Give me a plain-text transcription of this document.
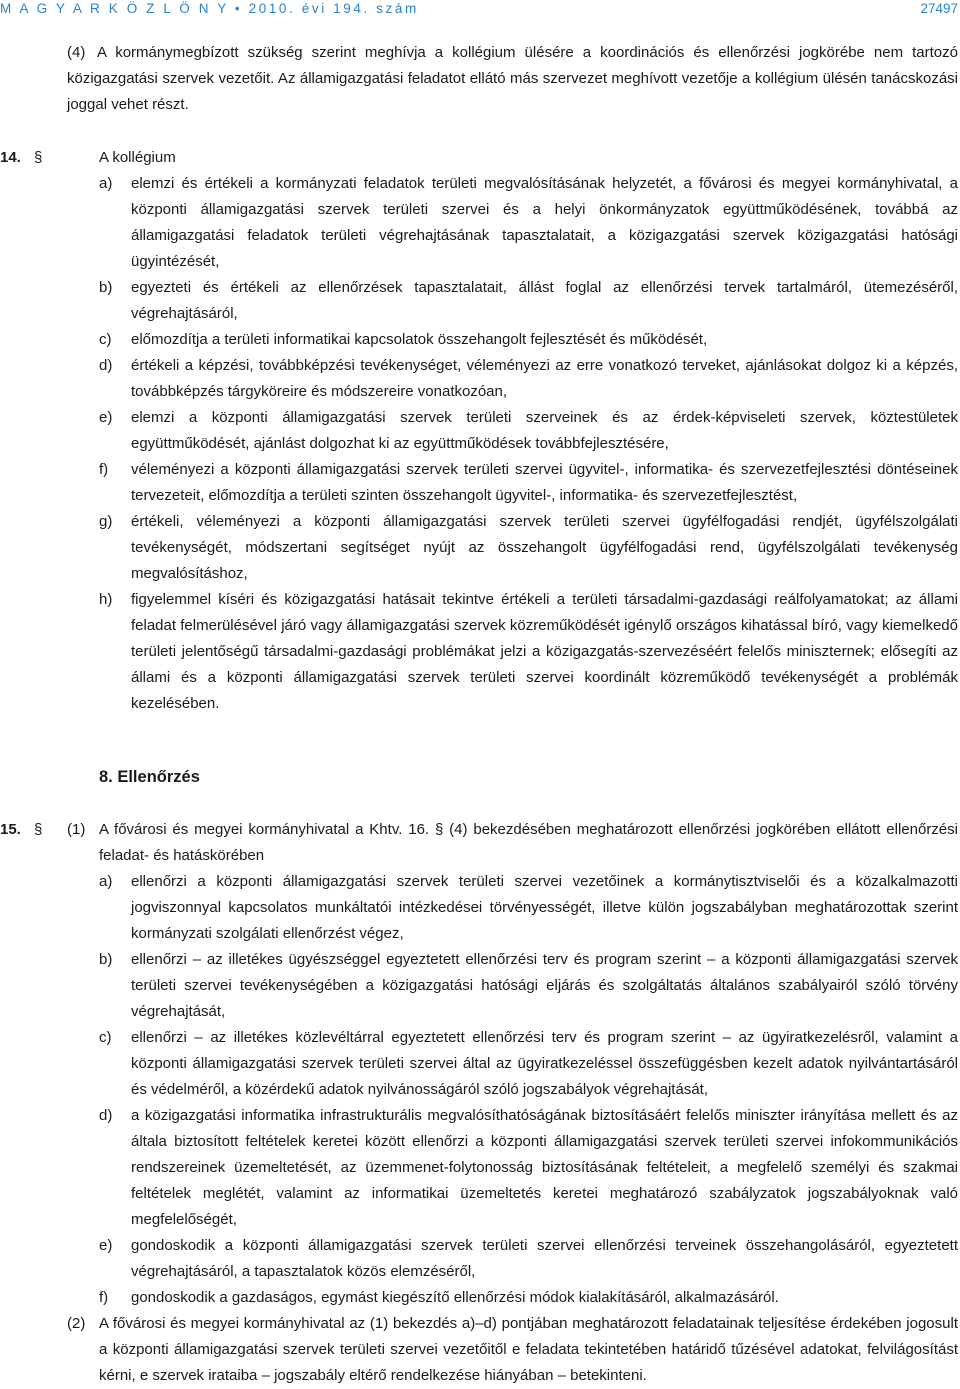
M A G Y A R K Ö Z L Ö N Y • 2010. évi 194. szám	27497
(4) A kormánymegbízott szükség szerint meghívja a kollégium ülésére a koordinációs és ellenőrzési jogkörébe nem tartozó közigazgatási szervek vezetőit. Az államigazgatási feladatot ellátó más szervezet meghívott vezetője a kollégium ülésén tanácskozási joggal vehet részt.
14. §	A kollégium
a) elemzi és értékeli a kormányzati feladatok területi megvalósításának helyzetét, a fővárosi és megyei kormányhivatal, a központi államigazgatási szervek területi szervei és a helyi önkormányzatok együttműködésének, továbbá az államigazgatási feladatok területi végrehajtásának tapasztalatait, a közigazgatási szervek közigazgatási hatósági ügyintézését,
b) egyezteti és értékeli az ellenőrzések tapasztalatait, állást foglal az ellenőrzési tervek tartalmáról, ütemezéséről, végrehajtásáról,
c) előmozdítja a területi informatikai kapcsolatok összehangolt fejlesztését és működését,
d) értékeli a képzési, továbbképzési tevékenységet, véleményezi az erre vonatkozó terveket, ajánlásokat dolgoz ki a képzés, továbbképzés tárgyköreire és módszereire vonatkozóan,
e) elemzi a központi államigazgatási szervek területi szerveinek és az érdek-képviseleti szervek, köztestületek együttműködését, ajánlást dolgozhat ki az együttműködések továbbfejlesztésére,
f) véleményezi a központi államigazgatási szervek területi szervei ügyvitel-, informatika- és szervezetfejlesztési döntéseinek tervezeteit, előmozdítja a területi szinten összehangolt ügyvitel-, informatika- és szervezetfejlesztést,
g) értékeli, véleményezi a központi államigazgatási szervek területi szervei ügyfélfogadási rendjét, ügyfélszolgálati tevékenységét, módszertani segítséget nyújt az összehangolt ügyfélfogadási rend, ügyfélszolgálati tevékenység megvalósításhoz,
h) figyelemmel kíséri és közigazgatási hatásait tekintve értékeli a területi társadalmi-gazdasági reálfolyamatokat; az állami feladat felmerülésével járó vagy államigazgatási szervek közreműködését igénylő országos kihatással bíró, vagy kiemelkedő területi jelentőségű társadalmi-gazdasági problémákat jelzi a közigazgatás-szervezéséért felelős miniszternek; elősegíti az állami és a központi államigazgatási szervek területi szervei koordinált közreműködő tevékenységét a problémák kezelésében.
8. Ellenőrzés
15. § (1) A fővárosi és megyei kormányhivatal a Khtv. 16. § (4) bekezdésében meghatározott ellenőrzési jogkörében ellátott ellenőrzési feladat- és hatáskörében
a) ellenőrzi a központi államigazgatási szervek területi szervei vezetőinek a kormánytisztviselői és a közalkalmazotti jogviszonnyal kapcsolatos munkáltatói intézkedései törvényességét, illetve külön jogszabályban meghatározottak szerint kormányzati szolgálati ellenőrzést végez,
b) ellenőrzi – az illetékes ügyészséggel egyeztetett ellenőrzési terv és program szerint – a központi államigazgatási szervek területi szervei tevékenységében a közigazgatási hatósági eljárás és szolgáltatás általános szabályairól szóló törvény végrehajtását,
c) ellenőrzi – az illetékes közlevéltárral egyeztetett ellenőrzési terv és program szerint – az ügyiratkezelésről, valamint a központi államigazgatási szervek területi szervei által az ügyiratkezeléssel összefüggésben kezelt adatok nyilvántartásáról és védelméről, a közérdekű adatok nyilvánosságáról szóló jogszabályok végrehajtását,
d) a közigazgatási informatika infrastrukturális megvalósíthatóságának biztosításáért felelős miniszter irányítása mellett és az általa biztosított feltételek keretei között ellenőrzi a központi államigazgatási szervek területi szervei infokommunikációs rendszereinek üzemeltetését, az üzemmenet-folytonosság biztosításának feltételeit, a megfelelő személyi és szakmai feltételek meglétét, valamint az informatikai üzemeltetés keretei meghatározó szabályzatok jogszabályoknak való megfelelőségét,
e) gondoskodik a központi államigazgatási szervek területi szervei ellenőrzési terveinek összehangolásáról, egyeztetett végrehajtásáról, a tapasztalatok közös elemzéséről,
f) gondoskodik a gazdaságos, egymást kiegészítő ellenőrzési módok kialakításáról, alkalmazásáról.
(2) A fővárosi és megyei kormányhivatal az (1) bekezdés a)–d) pontjában meghatározott feladatainak teljesítése érdekében jogosult a központi államigazgatási szervek területi szervei vezetőitől e feladata tekintetében határidő tűzésével adatokat, felvilágosítást kérni, e szervek irataiba – jogszabály eltérő rendelkezése hiányában – betekinteni.
